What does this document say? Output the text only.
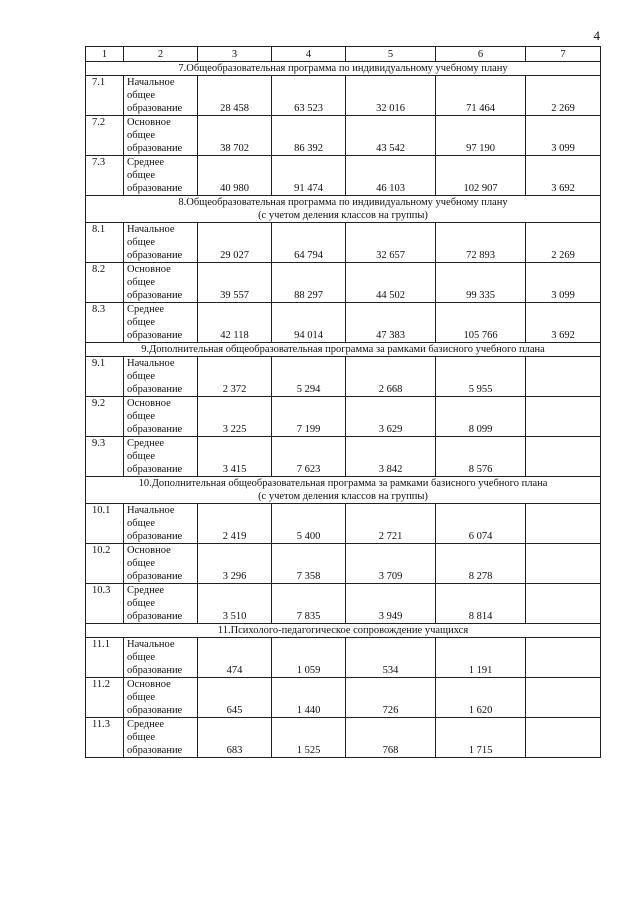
4
1	2	3	4	5	6	7

7.Общеобразовательная программа по индивидуальному учебному плану						

7.1	Начальное
общее
образование	28 458	63 523	32 016	71 464	2 269
7.2	Основное
общее
образование	38 702	86 392	43 542	97 190	3 099
7.3	Среднее
общее
образование	40 980	91 474	46 103	102 907	3 692

8.Общеобразовательная программа по индивидуальному учебному плану
(с учетом деления классов на группы)						

8.1	Начальное
общее
образование	29 027	64 794	32 657	72 893	2 269
8.2	Основное
общее
образование	39 557	88 297	44 502	99 335	3 099
8.3	Среднее
общее
образование	42 118	94 014	47 383	105 766	3 692

9.Дополнительная общеобразовательная программа за рамками базисного учебного плана						

9.1	Начальное
общее
образование	2 372	5 294	2 668	5 955	
9.2	Основное
общее
образование	3 225	7 199	3 629	8 099	
9.3	Среднее
общее
образование	3 415	7 623	3 842	8 576	

10.Дополнительная общеобразовательная программа за рамками базисного учебного плана
(с учетом деления классов на группы)						

10.1	Начальное
общее
образование	2 419	5 400	2 721	6 074	
10.2	Основное
общее
образование	3 296	7 358	3 709	8 278	
10.3	Среднее
общее
образование	3 510	7 835	3 949	8 814	

11.Психолого-педагогическое сопровождение учащихся						

11.1	Начальное
общее
образование	474	1 059	534	1 191	
11.2	Основное
общее
образование	645	1 440	726	1 620	
11.3	Среднее
общее
образование	683	1 525	768	1 715	
